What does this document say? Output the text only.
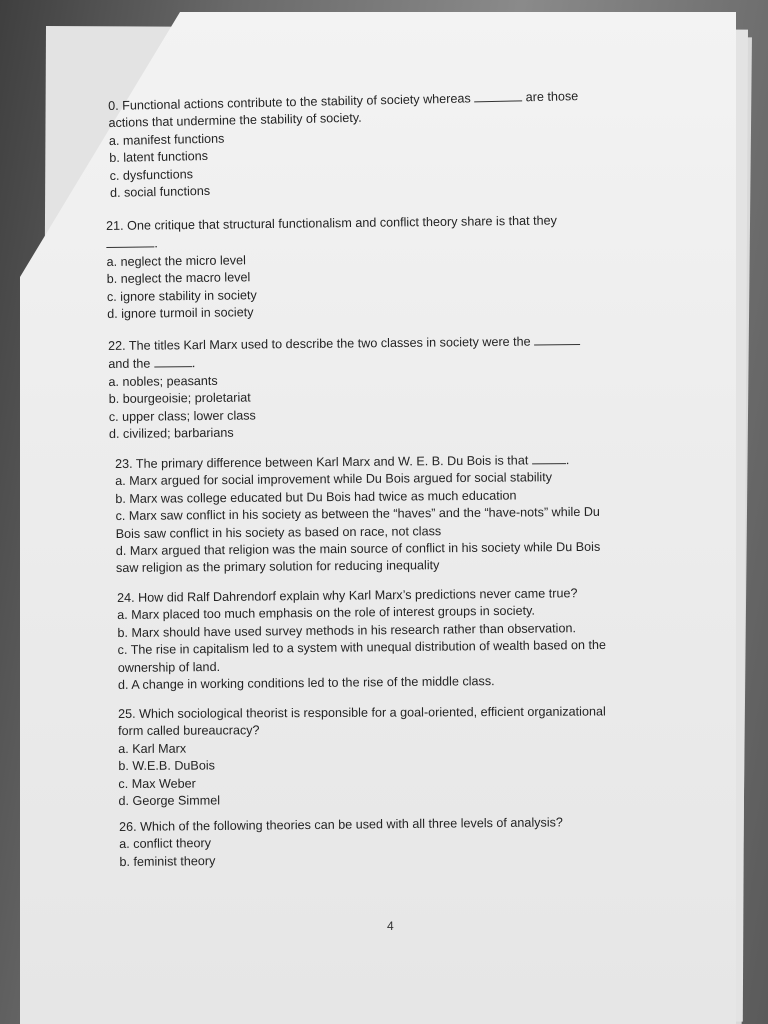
0. Functional actions contribute to the stability of society whereas	are those
actions that undermine the stability of society.
a. manifest functions
b. latent functions
c. dysfunctions
d. social functions
21. One critique that structural functionalism and conflict theory share is that they
.
a. neglect the micro level
b. neglect the macro level
c. ignore stability in society
d. ignore turmoil in society
22. The titles Karl Marx used to describe the two classes in society were the
and the	.
a. nobles; peasants
b. bourgeoisie; proletariat
c. upper class; lower class
d. civilized; barbarians
23. The primary difference between Karl Marx and W. E. B. Du Bois is that	.
a. Marx argued for social improvement while Du Bois argued for social stability
b. Marx was college educated but Du Bois had twice as much education
c. Marx saw conflict in his society as between the “haves” and the “have-nots” while Du
Bois saw conflict in his society as based on race, not class
d. Marx argued that religion was the main source of conflict in his society while Du Bois
saw religion as the primary solution for reducing inequality
24. How did Ralf Dahrendorf explain why Karl Marx’s predictions never came true?
a. Marx placed too much emphasis on the role of interest groups in society.
b. Marx should have used survey methods in his research rather than observation.
c. The rise in capitalism led to a system with unequal distribution of wealth based on the
ownership of land.
d. A change in working conditions led to the rise of the middle class.
25. Which sociological theorist is responsible for a goal-oriented, efficient organizational
form called bureaucracy?
a. Karl Marx
b. W.E.B. DuBois
c. Max Weber
d. George Simmel
26. Which of the following theories can be used with all three levels of analysis?
a. conflict theory
b. feminist theory
4
